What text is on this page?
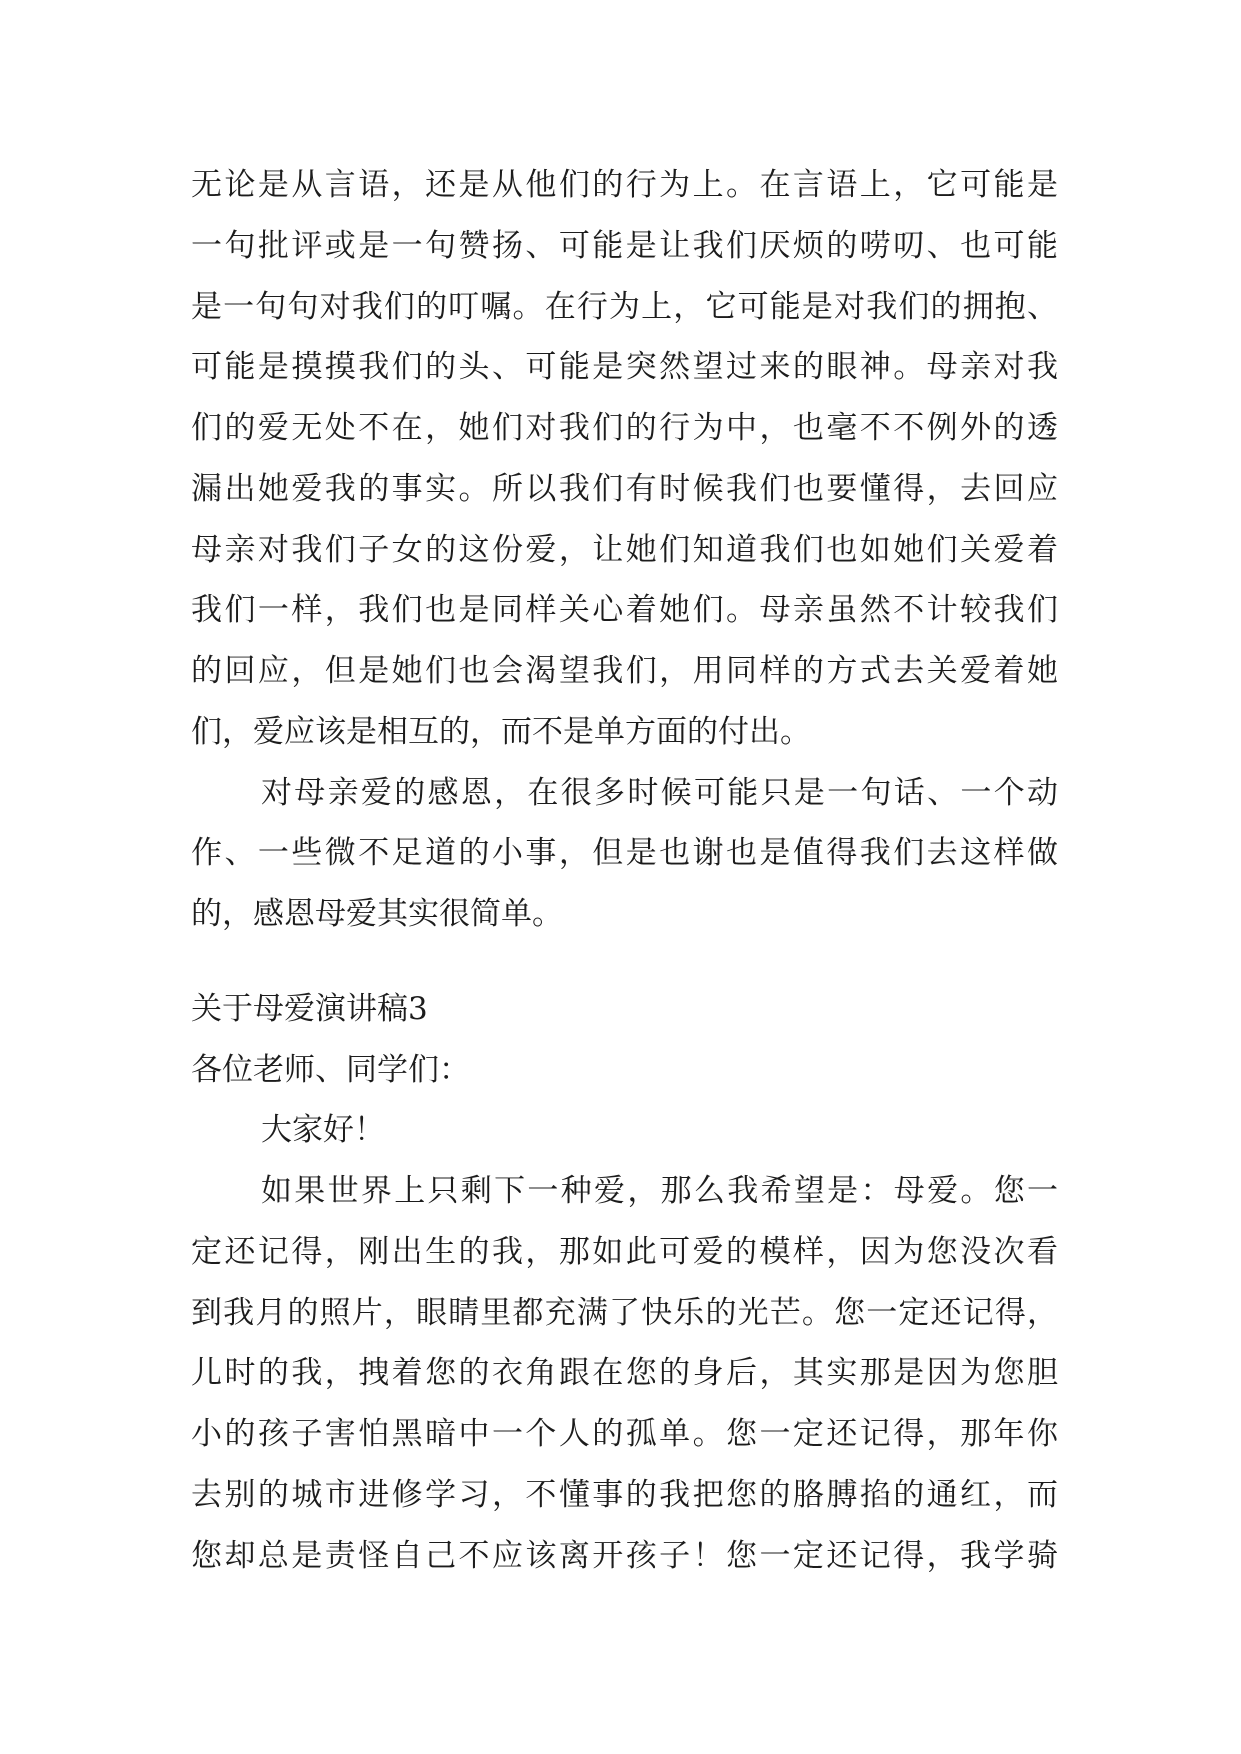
无论是从言语，还是从他们的行为上。在言语上，它可能是
一句批评或是一句赞扬、可能是让我们厌烦的唠叨、也可能
是一句句对我们的叮嘱。在行为上，它可能是对我们的拥抱、
可能是摸摸我们的头、可能是突然望过来的眼神。母亲对我
们的爱无处不在，她们对我们的行为中，也毫不不例外的透
漏出她爱我的事实。所以我们有时候我们也要懂得，去回应
母亲对我们子女的这份爱，让她们知道我们也如她们关爱着
我们一样，我们也是同样关心着她们。母亲虽然不计较我们
的回应，但是她们也会渴望我们，用同样的方式去关爱着她
们，爱应该是相互的，而不是单方面的付出。
对母亲爱的感恩，在很多时候可能只是一句话、一个动
作、一些微不足道的小事，但是也谢也是值得我们去这样做
的，感恩母爱其实很简单。
关于母爱演讲稿3
各位老师、同学们：
大家好！
如果世界上只剩下一种爱，那么我希望是：母爱。您一
定还记得，刚出生的我，那如此可爱的模样，因为您没次看
到我月的照片，眼睛里都充满了快乐的光芒。您一定还记得，
儿时的我，拽着您的衣角跟在您的身后，其实那是因为您胆
小的孩子害怕黑暗中一个人的孤单。您一定还记得，那年你
去别的城市进修学习，不懂事的我把您的胳膊掐的通红，而
您却总是责怪自己不应该离开孩子！您一定还记得，我学骑
